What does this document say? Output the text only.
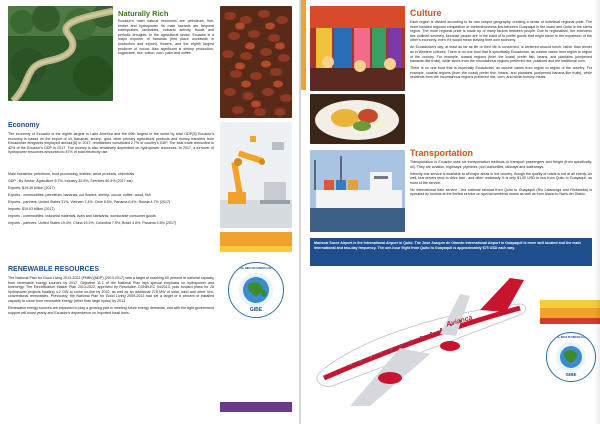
Naturally Rich
Ecuador's main natural resources are petroleum, fish, timber and hydropower. Its main hazards are frequent earthquakes, landslides, volcanic activity, floods and periodic droughts. In the agricultural sector, Ecuador is a major exporter of bananas (first place worldwide in production and export), flowers, and the eighth largest producer of cocoa. Also significant is shrimp production, sugarcane, rice, cotton, corn, palm and coffee.
Economy
The economy of Ecuador is the eighth largest in Latin America and the 69th largest in the world by total GDP.[5] Ecuador's economy is based on the export of oil, bananas, shrimp, gold, other primary agricultural products and money transfers from Ecuadorian emigrants employed abroad.[6] In 2017, remittances constituted 2.7% of country's GDP. The total trade amounted to 42% of the Ecuador's GDP in 2017. The country is also tentatively dependent on hydropower resources. In 2017, a turnover of hydropower resources amounted to 87% of total electricity use.

Main industries: petroleum, food processing, textiles, wood products, chemicals

GDP - By Sector: Agriculture 6.7%, industry 32.9%, Services 60.4% (2017 est)

Exports: $19.36 billion (2017)

Exports - commodities: petroleum, bananas, cut flowers, shrimp, cocoa, coffee, wood, fish

Exports - partners: United States 31%, Vietnam 7.4%, Chile 6.5%, Panama 6.4%, Russia 4.7% (2017)

Imports: $19.03 billion (2017)

Imports - commodities: industrial materials, fuels and lubricants, nondurable consumer goods

Imports - partners: United States 19.4%, China 19.1%, Colombia 7.9%, Brazil 4.8%, Panama 4.6% (2017)

GLOBAL INDIA BUSINESS EXPRESS
GIBE
RENEWABLE RESOURCES

The National Plan for Good Living 2013-2022 (PNBV)(NDP) (2013-2017) sets a target of reaching 60 percent of national capacity from renewable energy sources by 2017. Objective 11.1 of the National Plan lays special emphasis on hydropower and bioenergy. The Electrification Master Plan 2013-2022, approved by Resolution CONELEC 04/2013, puts forward plans for 28 hydropower projects totalling 4.2 GW to come on-line by 2022, as well as an additional 278 MW of solar, wind and other non-conventional renewables. Previously, the National Plan for Good Living 2009-2013 had set a target of 6 percent of installed capacity to come from renewable energy (other than large hydro) by 2013.

Renewable energy sources are expected to play a growing part in meeting future energy demands, and with the tight government support will boost yearly and Ecuador's dependence on imported fossil fuels.

Culture

Each region is divided according to its own unique geography, creating a sense of individual regional pride. The more isolated regional competition or contentiousness lies between Guayaquil in the coast and Quito in the sierra region. The more regional pride is made up of many factors between people. Due to regionalism, the economic ties outlined severely, because people are in the habit of to prefer goods that might travel to the expansion of the other's economy, even if it would mean leaving their own economy.

An Ecuadorian's day, at least as far as life or their life is concerned, is centered around lunch, rather than dinner as in Western cultures. There is no one food that is specifically Ecuadorian, as cuisine varies from region to region of the country. For example, coastal regions (from the coast) prefer fish, beans, and plantains (unripened bananas-like fruits), while sierra from the mountainous regions preferred rice, potatoes and the traditional corn.

There is no one food that is especially Ecuadorian, as cuisine varies from region to region of the country. For example, coastal regions (from the coast) prefer fish, beans, and plantains (unripened banana-like fruits), while residents from the mountainous regions preferred rice, corn, and white-hominy meats.

Transportation

Transportation in Ecuador uses six transportation methods to transport passengers and freight (from specifically, oil). They are aviation, highways, pipelines, port authorities, railways and waterways.

Intercity bus service is available to all major areas in the country, though the quality of roads is not at all evenly. As well, bus drivers tend to drive fast - and often recklessly. It is only $1.00 USD to bus from Quito to Guayaquil, as most of the service.

No international train service - the national railroad from Quito to Guayaquil (Rio Latacunga and Riobamba) is operated by tourists at the limited service on special weekend routes as well as from Alausi to Naris del Diablo.

Mariscal Sucre Airport is the International Airport in Quito. The José Joaquín de Olmedo International Airport in Guayaquil is more well located and the main international and two-day frequency. The one-hour flight from Quito to Guayaquil is approximately $75 USD each way.
Avianca
GLOBAL INDIA BUSINESS EXPRESS
GIBE
